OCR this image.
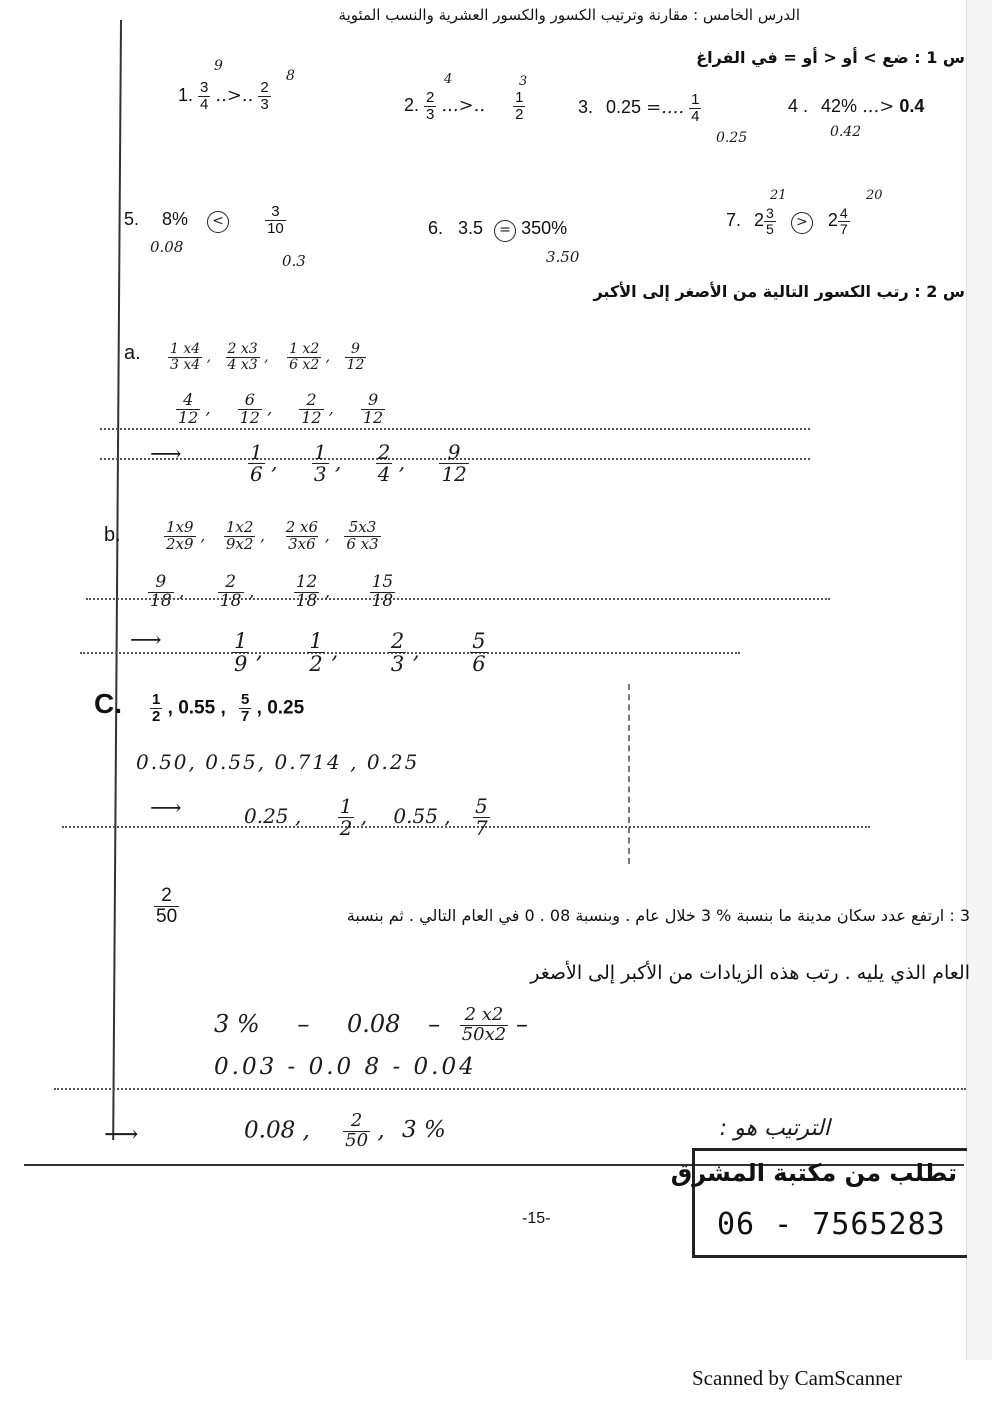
الدرس الخامس : مقارنة وترتيب الكسور والكسور العشرية والنسب المئوية
س 1 : ضع > أو < أو = في الفراغ
1. $\frac{3}{4}$ ..>.. $\frac{2}{3}$
9
8
2. $\frac{2}{3}$ ...>.. $\frac{1}{2}$
4	3
3. 0.25 =.... $\frac{1}{4}$
0.25
4 . 42% ...> 0.4
0.42
5. 8% <	$\frac{3}{10}$
0.08
0.3
6. 3.5 = 350%
3.50
7. $2 \frac{3}{5} > 2 \frac{4}{7}$
21	20
س 2 : رتب الكسور التالية من الأصغر إلى الأكبر
a. $\frac{1 x4}{3 x4}$ , $\frac{2 x3}{4 x3}$ , $\frac{1 x2}{6 x2}$ , $\frac{9}{12}$
$\frac{4}{12}$ , $\frac{6}{12}$ , $\frac{2}{12}$ , $\frac{9}{12}$
⟶	$\frac{1}{6}$ , $\frac{1}{3}$ , $\frac{2}{4}$ , $\frac{9}{12}$
b.	$\frac{1x9}{2x9}$ , $\frac{1x2}{9x2}$ , $\frac{2 x6}{3x6}$ , $\frac{5x3}{6 x3}$
$\frac{9}{18}$ , $\frac{2}{18}$ , $\frac{12}{18}$ , $\frac{15}{18}$
⟶	$\frac{1}{9}$ , $\frac{1}{2}$ , $\frac{2}{3}$ , $\frac{5}{6}$
C. $\frac{1}{2}$ , 0.55 , $\frac{5}{7}$ , 0.25
0.50, 0.55, 0.714 , 0.25
⟶	0.25 , $\frac{1}{2}$ , 0.55 , $\frac{5}{7}$
$\frac{2}{50}$	3 : ارتفع عدد سكان مدينة ما بنسبة % 3 خلال عام . وبنسبة 08 . 0 في العام التالي . ثم بنسبة
العام الذي يليه . رتب هذه الزيادات من الأكبر إلى الأصغر
3 % – $0.08 - \frac{2 x2}{50x2}$ –
0.03 - 0.0 8 - 0.04
⟶	0.08 , $\frac{2}{50}$ , 3 %	الترتيب هو :
تطلب من مكتبة المشرق
06 - 7565283
-15-
Scanned by CamScanner
